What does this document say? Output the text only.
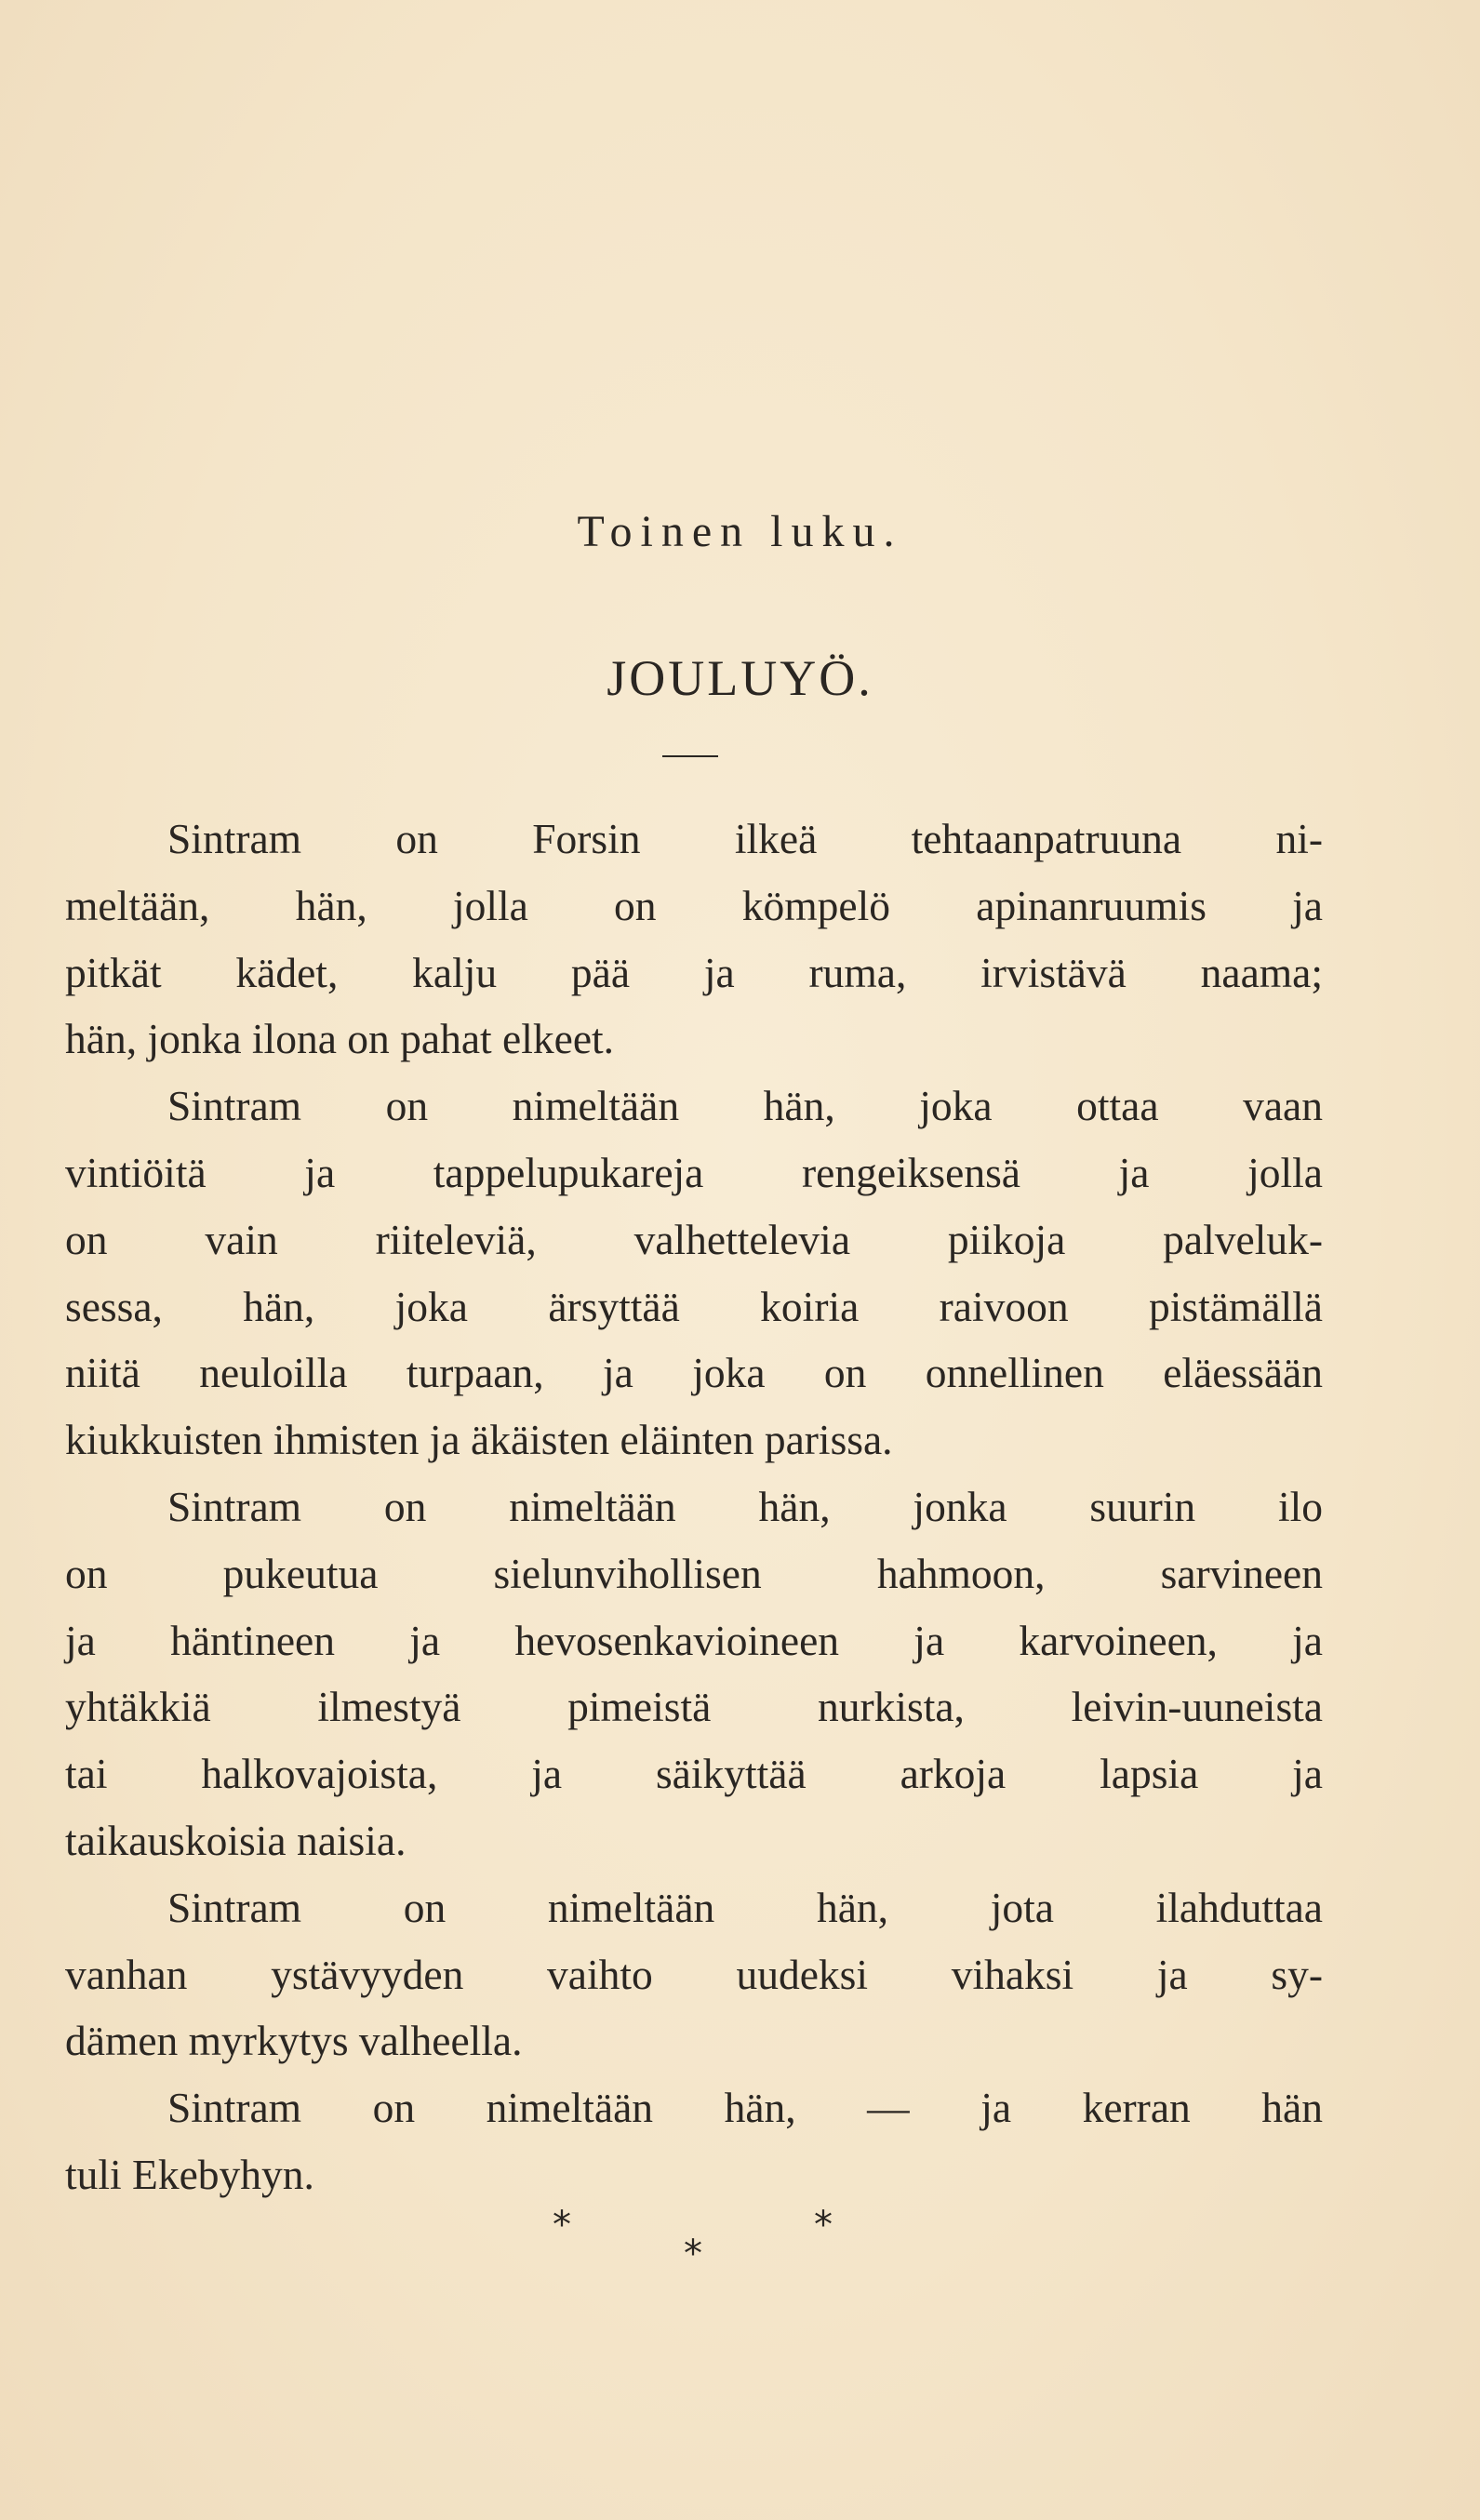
Toinen luku.
JOULUYÖ.
Sintram on Forsin ilkeä tehtaanpatruuna ni-
meltään, hän, jolla on kömpelö apinanruumis ja
pitkät kädet, kalju pää ja ruma, irvistävä naama;
hän, jonka ilona on pahat elkeet.
Sintram on nimeltään hän, joka ottaa vaan
vintiöitä ja tappelupukareja rengeiksensä ja jolla
on vain riiteleviä, valhettelevia piikoja palveluk-
sessa, hän, joka ärsyttää koiria raivoon pistämällä
niitä neuloilla turpaan, ja joka on onnellinen eläessään
kiukkuisten ihmisten ja äkäisten eläinten parissa.
Sintram on nimeltään hän, jonka suurin ilo
on pukeutua sielunvihollisen hahmoon, sarvineen
ja häntineen ja hevosenkavioineen ja karvoineen, ja
yhtäkkiä ilmestyä pimeistä nurkista, leivin-uuneista
tai halkovajoista, ja säikyttää arkoja lapsia ja
taikauskoisia naisia.
Sintram on nimeltään hän, jota ilahduttaa
vanhan ystävyyden vaihto uudeksi vihaksi ja sy-
dämen myrkytys valheella.
Sintram on nimeltään hän, — ja kerran hän
tuli Ekebyhyn.
*	*
*
